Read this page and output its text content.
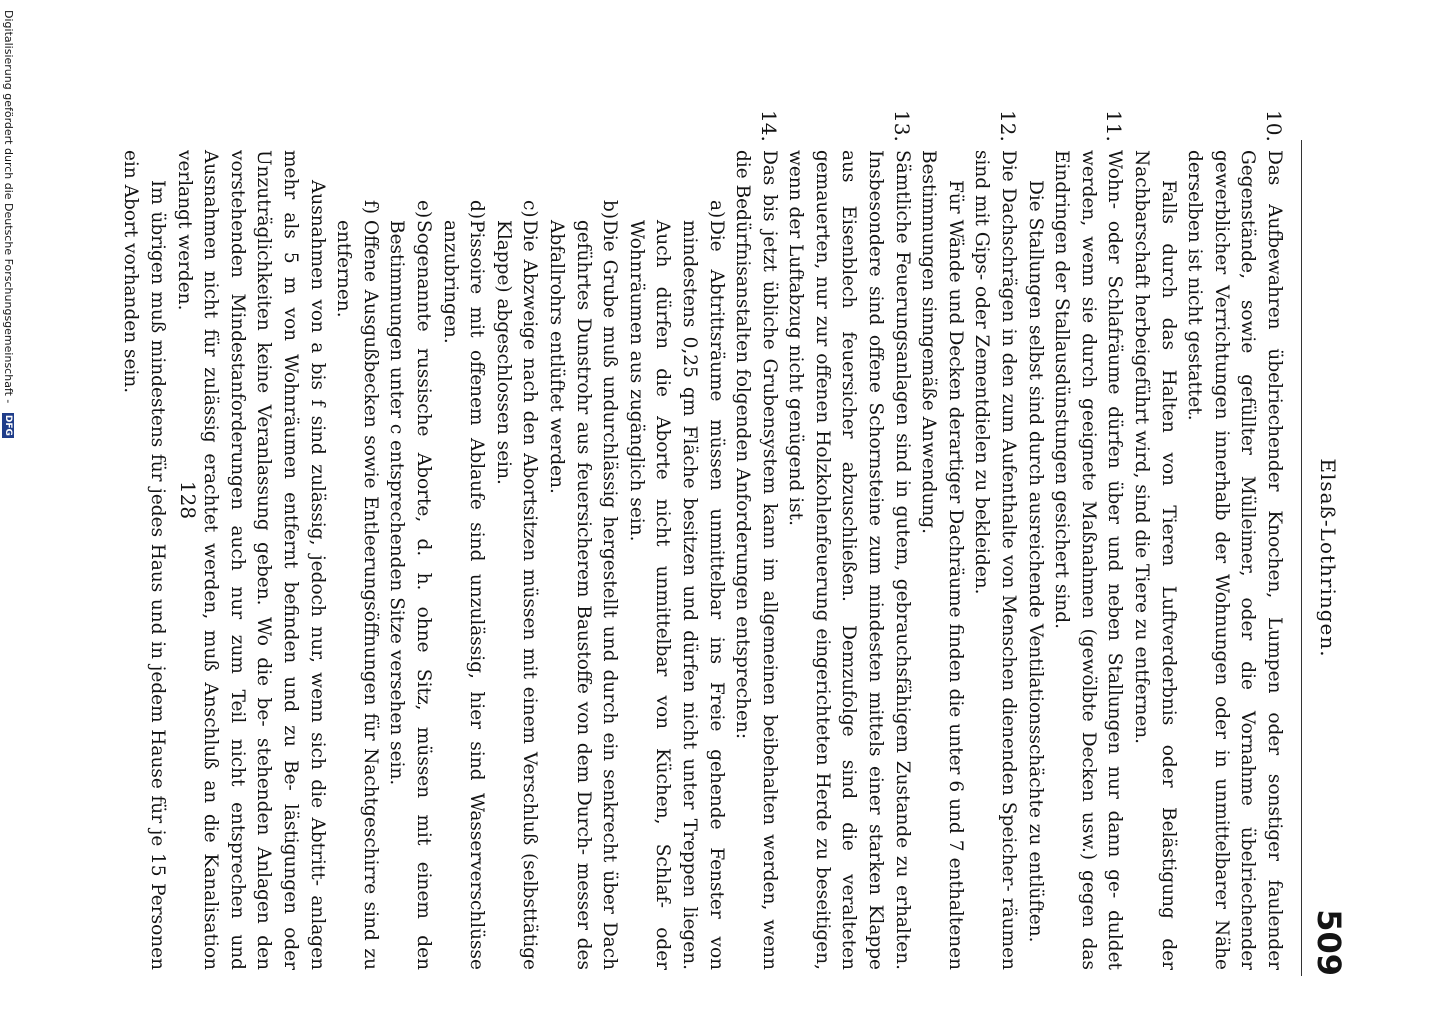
Elsaß-Lothringen.
509
10.

Das Aufbewahren übelriechender Knochen, Lumpen oder sonstiger faulender Gegenstände, sowie gefüllter Mülleimer, oder die Vornahme übelriechender gewerblicher Verrichtungen innerhalb der Wohnungen oder in unmittelbarer Nähe derselben ist nicht gestattet.

Falls durch das Halten von Tieren Luftverderbnis oder Belästigung der Nachbarschaft herbeigeführt wird, sind die Tiere zu entfernen.

11.

Wohn- oder Schlafräume dürfen über und neben Stallungen nur dann ge- duldet werden, wenn sie durch geeignete Maßnahmen (gewölbte Decken usw.) gegen das Eindringen der Stallausdünstungen gesichert sind.

Die Stallungen selbst sind durch ausreichende Ventilationsschächte zu entlüften.

12.

Die Dachschrägen in den zum Aufenthalte von Menschen dienenden Speicher- räumen sind mit Gips- oder Zementdielen zu bekleiden.

Für Wände und Decken derartiger Dachräume finden die unter 6 und 7 enthaltenen Bestimmungen sinngemäße Anwendung.

13.

Sämtliche Feuerungsanlagen sind in gutem, gebrauchsfähigem Zustande zu erhalten. Insbesondere sind offene Schornsteine zum mindesten mittels einer starken Klappe aus Eisenblech feuersicher abzuschließen. Demzufolge sind die veralteten gemauerten, nur zur offenen Holzkohlenfeuerung eingerichteten Herde zu beseitigen, wenn der Luftabzug nicht genügend ist.

14.

Das bis jetzt übliche Grubensystem kann im allgemeinen beibehalten werden, wenn die Bedürfnisanstalten folgenden Anforderungen entsprechen:

a)
Die Abtrittsräume müssen unmittelbar ins Freie gehende Fenster von mindestens 0,25 qm Fläche besitzen und dürfen nicht unter Treppen liegen. Auch dürfen die Aborte nicht unmittelbar von Küchen, Schlaf- oder Wohnräumen aus zugänglich sein.
b)
Die Grube muß undurchlässig hergestellt und durch ein senkrecht über Dach geführtes Dunstrohr aus feuersicherem Baustoffe von dem Durch- messer des Abfallrohrs entlüftet werden.
c)
Die Abzweige nach den Abortsitzen müssen mit einem Verschluß (selbsttätige Klappe) abgeschlossen sein.
d)
Pissoire mit offenem Ablaufe sind unzulässig, hier sind Wasserverschlüsse anzubringen.
e)
Sogenannte russische Aborte, d. h. ohne Sitz, müssen mit einem den Bestimmungen unter c entsprechenden Sitze versehen sein.
f)
Offene Ausgußbecken sowie Entleerungsöffnungen für Nachtgeschirre sind zu entfernen.

Ausnahmen von a bis f sind zulässig, jedoch nur, wenn sich die Abtritt- anlagen mehr als 5 m von Wohnräumen entfernt befinden und zu Be- lästigungen oder Unzuträglichkeiten keine Veranlassung geben. Wo die be- stehenden Anlagen den vorstehenden Mindestanforderungen auch nur zum Teil nicht entsprechen und Ausnahmen nicht für zulässig erachtet werden, muß Anschluß an die Kanalisation verlangt werden.

Im übrigen muß mindestens für jedes Haus und in jedem Hause für je 15 Personen ein Abort vorhanden sein.

128
Digitalisierung gefördert durch die Deutsche Forschungsgemeinschaft - DFG
